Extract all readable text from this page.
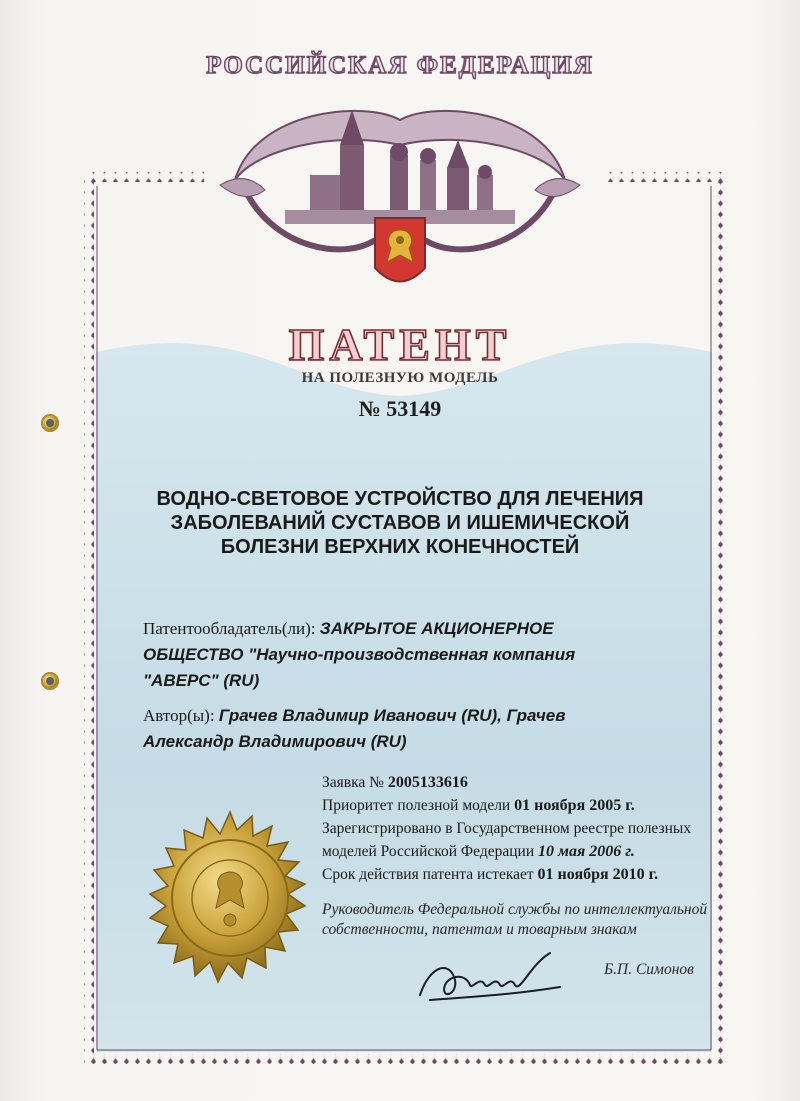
РОССИЙСКАЯ ФЕДЕРАЦИЯ
ПАТЕНТ
НА ПОЛЕЗНУЮ МОДЕЛЬ
№ 53149
ВОДНО-СВЕТОВОЕ УСТРОЙСТВО ДЛЯ ЛЕЧЕНИЯ
ЗАБОЛЕВАНИЙ СУСТАВОВ И ИШЕМИЧЕСКОЙ
БОЛЕЗНИ ВЕРХНИХ КОНЕЧНОСТЕЙ
Патентообладатель(ли): ЗАКРЫТОЕ АКЦИОНЕРНОЕ
ОБЩЕСТВО "Научно-производственная компания
"АВЕРС" (RU)
Автор(ы): Грачев Владимир Иванович (RU), Грачев
Александр Владимирович (RU)
Заявка № 2005133616
Приоритет полезной модели 01 ноября 2005 г.
Зарегистрировано в Государственном реестре полезных
моделей Российской Федерации 10 мая 2006 г.
Срок действия патента истекает 01 ноября 2010 г.
Руководитель Федеральной службы по интеллектуальной
собственности, патентам и товарным знакам
Б.П. Симонов
